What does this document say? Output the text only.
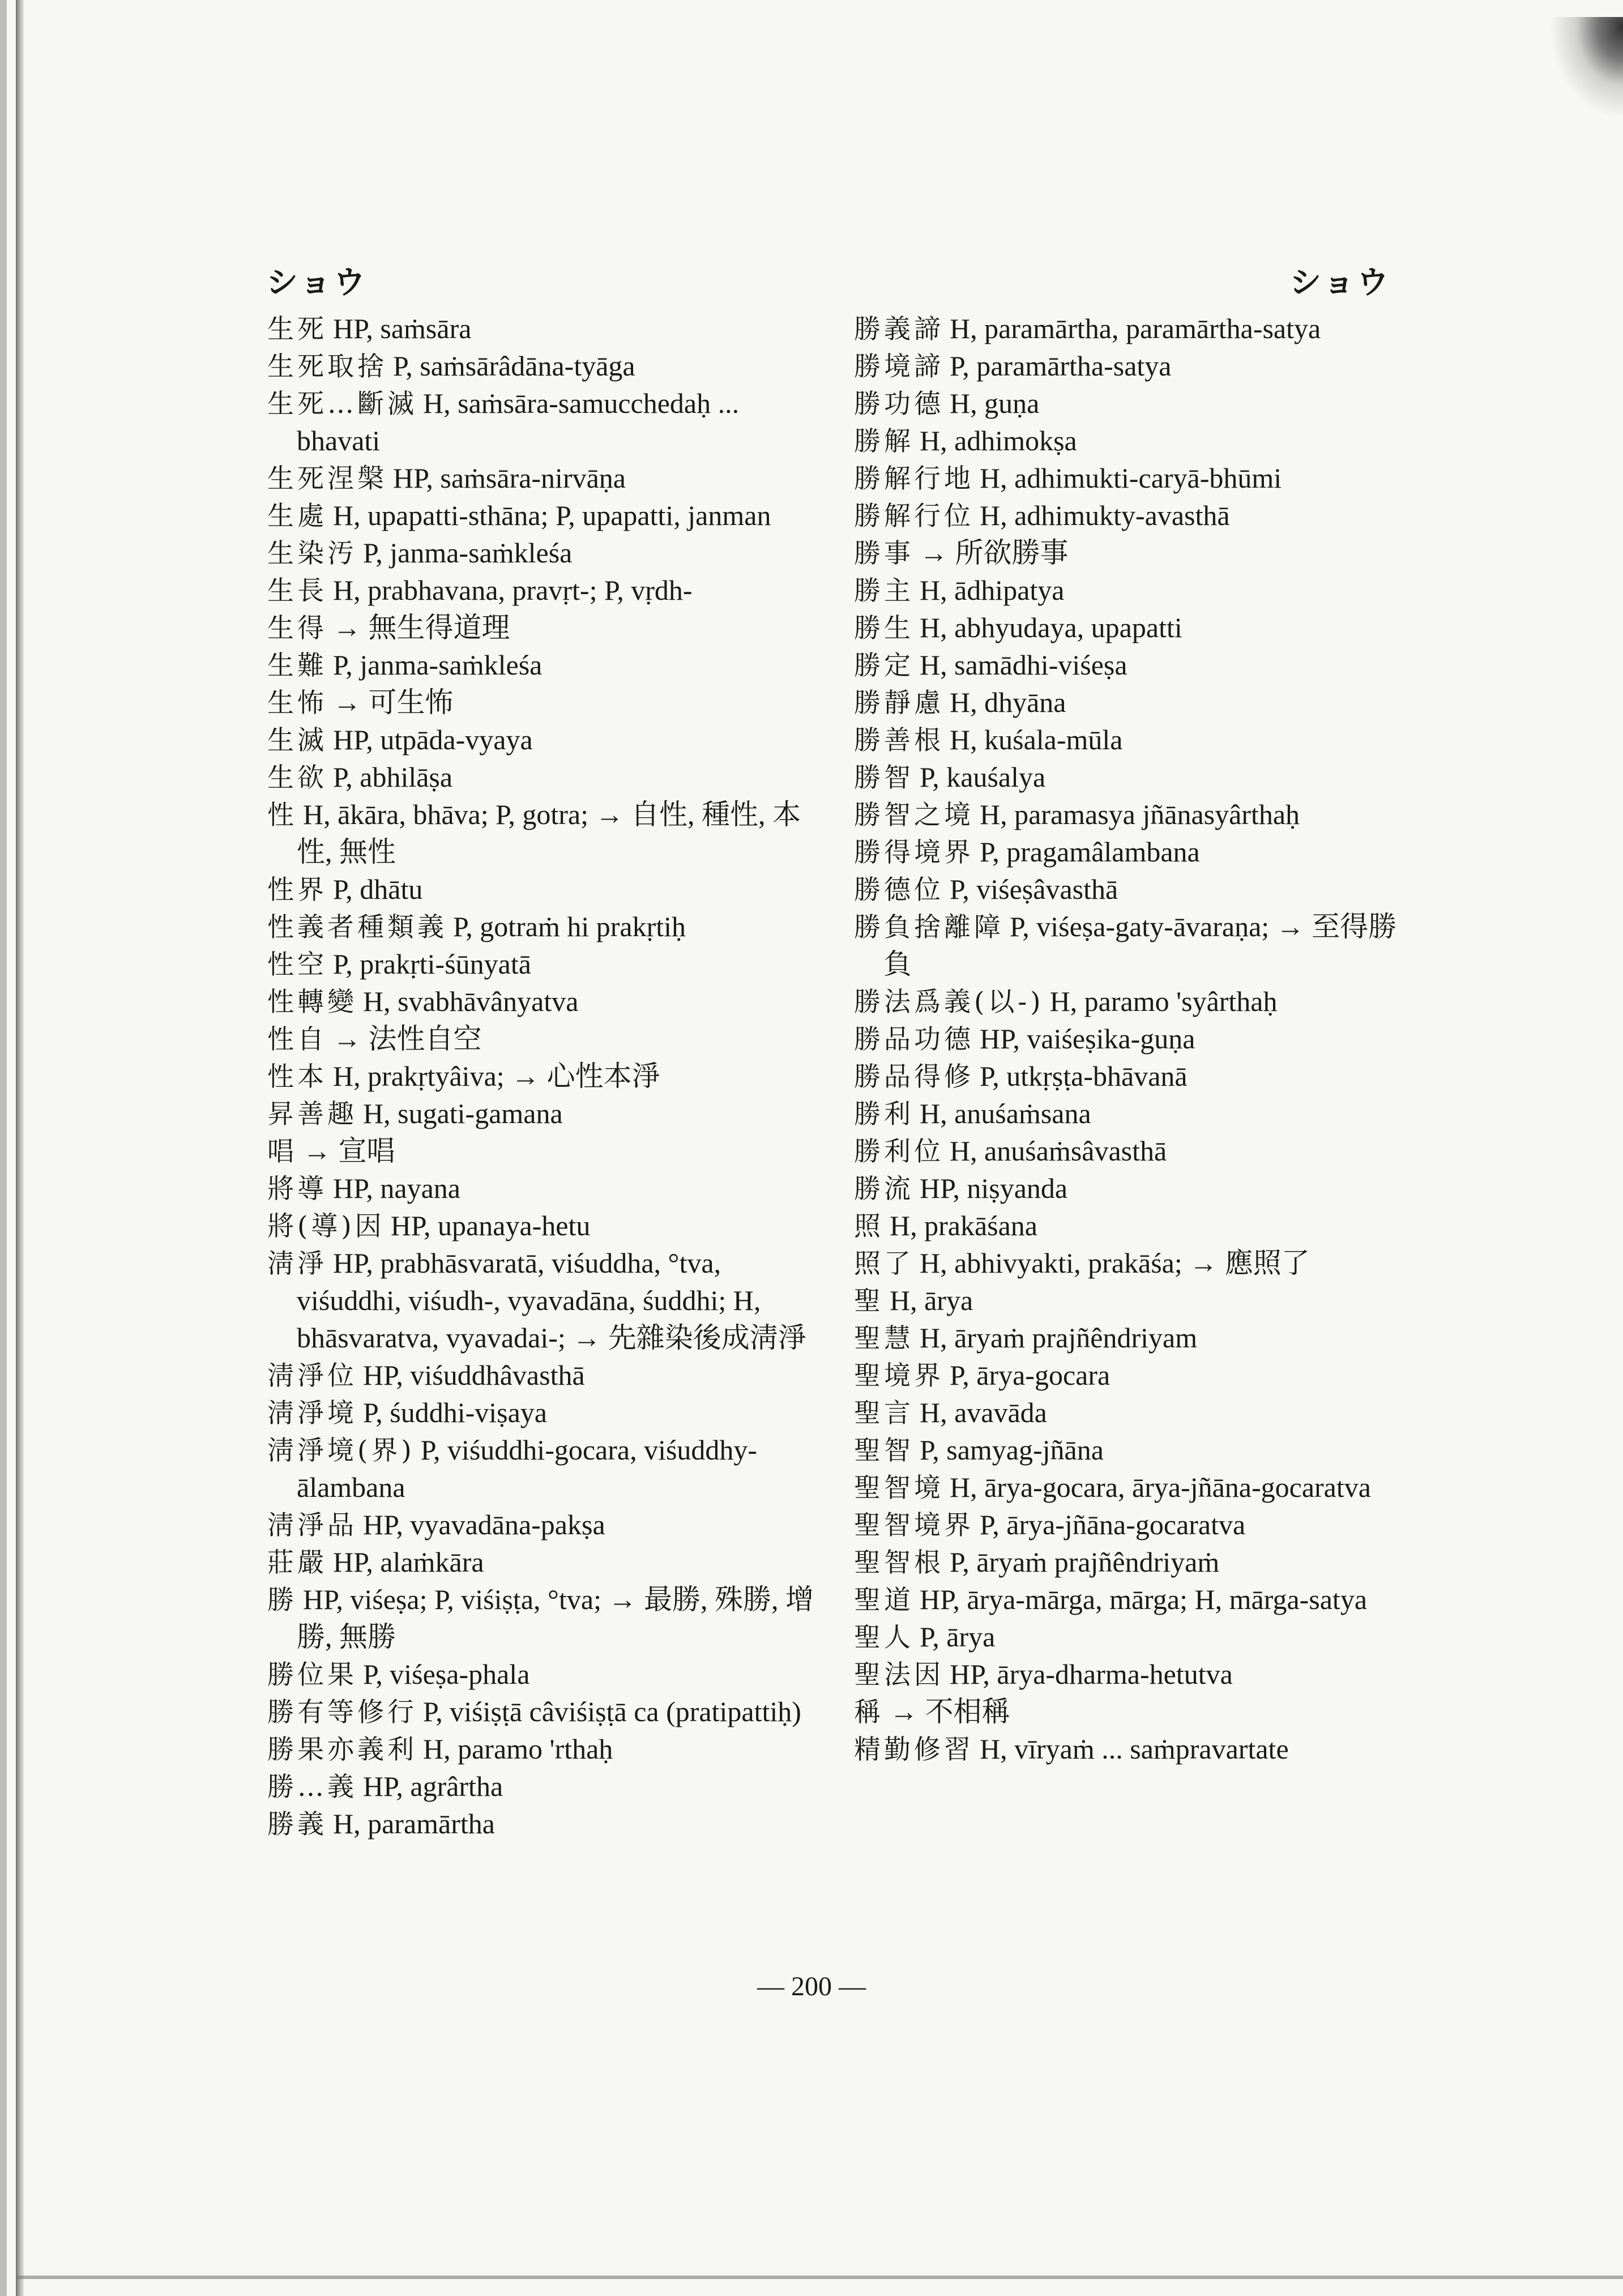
ショウ	ショウ
生死 HP, saṁsāra
生死取捨 P, saṁsārâdāna-tyāga
生死…斷滅 H, saṁsāra-samucchedaḥ ... bhavati
生死涅槃 HP, saṁsāra-nirvāṇa
生處 H, upapatti-sthāna; P, upapatti, janman
生染汚 P, janma-saṁkleśa
生長 H, prabhavana, pravṛt-; P, vṛdh-
生得 → 無生得道理
生難 P, janma-saṁkleśa
生怖 → 可生怖
生滅 HP, utpāda-vyaya
生欲 P, abhilāṣa
性 H, ākāra, bhāva; P, gotra; → 自性, 種性, 本性, 無性
性界 P, dhātu
性義者種類義 P, gotraṁ hi prakṛtiḥ
性空 P, prakṛti-śūnyatā
性轉變 H, svabhāvânyatva
性自 → 法性自空
性本 H, prakṛtyâiva; → 心性本淨
昇善趣 H, sugati-gamana
唱 → 宣唱
將導 HP, nayana
將(導)因 HP, upanaya-hetu
淸淨 HP, prabhāsvaratā, viśuddha, °tva, viśuddhi, viśudh-, vyavadāna, śuddhi; H, bhāsvaratva, vyavadai-; → 先雜染後成淸淨
淸淨位 HP, viśuddhâvasthā
淸淨境 P, śuddhi-viṣaya
淸淨境(界) P, viśuddhi-gocara, viśuddhy-ālambana
淸淨品 HP, vyavadāna-pakṣa
莊嚴 HP, alaṁkāra
勝 HP, viśeṣa; P, viśiṣṭa, °tva; → 最勝, 殊勝, 增勝, 無勝
勝位果 P, viśeṣa-phala
勝有等修行 P, viśiṣṭā câviśiṣṭā ca (pratipattiḥ)
勝果亦義利 H, paramo 'rthaḥ
勝…義 HP, agrârtha
勝義 H, paramārtha
勝義諦 H, paramārtha, paramārtha-satya
勝境諦 P, paramārtha-satya
勝功德 H, guṇa
勝解 H, adhimokṣa
勝解行地 H, adhimukti-caryā-bhūmi
勝解行位 H, adhimukty-avasthā
勝事 → 所欲勝事
勝主 H, ādhipatya
勝生 H, abhyudaya, upapatti
勝定 H, samādhi-viśeṣa
勝靜慮 H, dhyāna
勝善根 H, kuśala-mūla
勝智 P, kauśalya
勝智之境 H, paramasya jñānasyârthaḥ
勝得境界 P, pragamâlambana
勝德位 P, viśeṣâvasthā
勝負捨離障 P, viśeṣa-gaty-āvaraṇa; → 至得勝負
勝法爲義(以-) H, paramo 'syârthaḥ
勝品功德 HP, vaiśeṣika-guṇa
勝品得修 P, utkṛṣṭa-bhāvanā
勝利 H, anuśaṁsana
勝利位 H, anuśaṁsâvasthā
勝流 HP, niṣyanda
照 H, prakāśana
照了 H, abhivyakti, prakāśa; → 應照了
聖 H, ārya
聖慧 H, āryaṁ prajñêndriyam
聖境界 P, ārya-gocara
聖言 H, avavāda
聖智 P, samyag-jñāna
聖智境 H, ārya-gocara, ārya-jñāna-gocaratva
聖智境界 P, ārya-jñāna-gocaratva
聖智根 P, āryaṁ prajñêndriyaṁ
聖道 HP, ārya-mārga, mārga; H, mārga-satya
聖人 P, ārya
聖法因 HP, ārya-dharma-hetutva
稱 → 不相稱
精勤修習 H, vīryaṁ ... saṁpravartate
— 200 —
